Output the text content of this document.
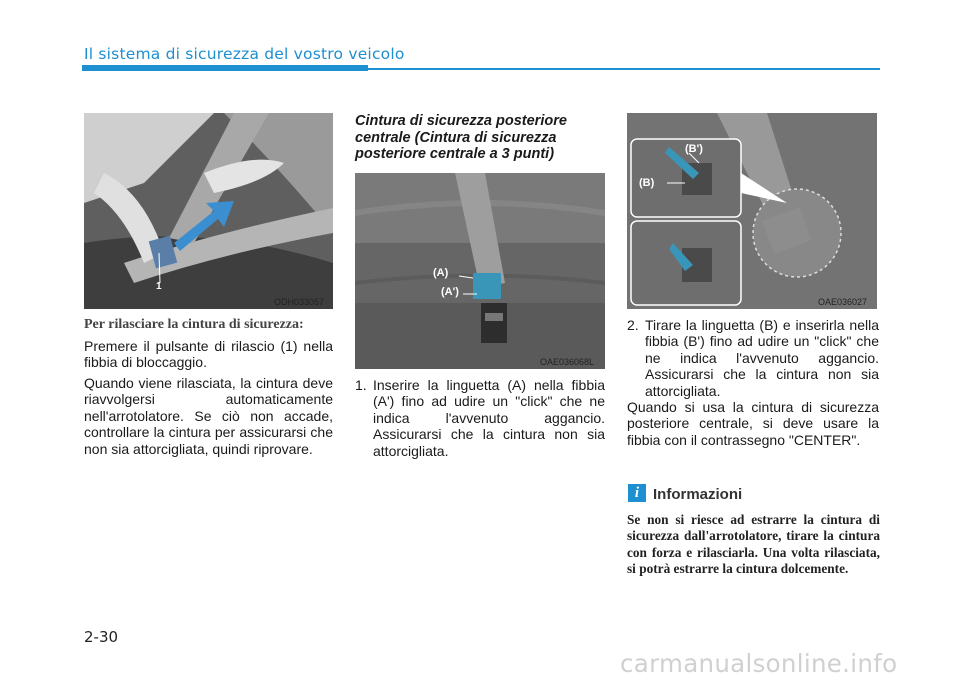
Il sistema di sicurezza del vostro veicolo
1
ODH033057
Per rilasciare la cintura di sicurezza:
Premere il pulsante di rilascio (1) nella fibbia di bloccaggio.
Quando viene rilasciata, la cintura deve riavvolgersi automaticamente nell'arrotolatore. Se ciò non accade, controllare la cintura per assicurarsi che non sia attorcigliata, quindi riprovare.
Cintura di sicurezza posteriore centrale (Cintura di sicurezza posteriore centrale a 3 punti)
(A)
(A')
OAE036068L
1. Inserire la linguetta (A) nella fibbia (A') fino ad udire un "click" che ne indica l'avvenuto aggancio. Assicurarsi che la cintura non sia attorcigliata.
(B')
(B)
OAE036027
2. Tirare la linguetta (B) e inserirla nella fibbia (B') fino ad udire un "click" che ne indica l'avvenuto aggancio. Assicurarsi che la cintura non sia attorcigliata.
Quando si usa la cintura di sicurezza posteriore centrale, si deve usare la fibbia con il contrassegno "CENTER".
i Informazioni
Se non si riesce ad estrarre la cintura di sicurezza dall'arrotolatore, tirare la cintura con forza e rilasciarla. Una volta rilasciata, si potrà estrarre la cintura dolcemente.
2-30
carmanualsonline.info
